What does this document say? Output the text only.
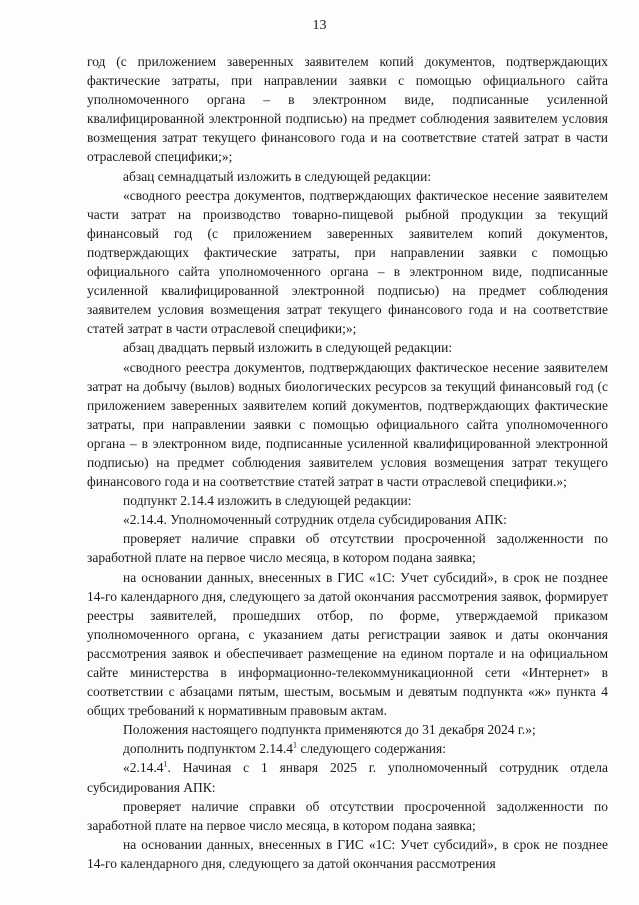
13

год (с приложением заверенных заявителем копий документов, подтверждающих фактические затраты, при направлении заявки с помощью официального сайта уполномоченного органа – в электронном виде, подписанные усиленной квалифицированной электронной подписью) на предмет соблюдения заявителем условия возмещения затрат текущего финансового года и на соответствие статей затрат в части отраслевой специфики;»;

абзац семнадцатый изложить в следующей редакции:

«сводного реестра документов, подтверждающих фактическое несение заявителем части затрат на производство товарно-пищевой рыбной продукции за текущий финансовый год (с приложением заверенных заявителем копий документов, подтверждающих фактические затраты, при направлении заявки с помощью официального сайта уполномоченного органа – в электронном виде, подписанные усиленной квалифицированной электронной подписью) на предмет соблюдения заявителем условия возмещения затрат текущего финансового года и на соответствие статей затрат в части отраслевой специфики;»;

абзац двадцать первый изложить в следующей редакции:

«сводного реестра документов, подтверждающих фактическое несение заявителем затрат на добычу (вылов) водных биологических ресурсов за текущий финансовый год (с приложением заверенных заявителем копий документов, подтверждающих фактические затраты, при направлении заявки с помощью официального сайта уполномоченного органа – в электронном виде, подписанные усиленной квалифицированной электронной подписью) на предмет соблюдения заявителем условия возмещения затрат текущего финансового года и на соответствие статей затрат в части отраслевой специфики.»;

подпункт 2.14.4 изложить в следующей редакции:

«2.14.4. Уполномоченный сотрудник отдела субсидирования АПК:

проверяет наличие справки об отсутствии просроченной задолженности по заработной плате на первое число месяца, в котором подана заявка;

на основании данных, внесенных в ГИС «1С: Учет субсидий», в срок не позднее 14-го календарного дня, следующего за датой окончания рассмотрения заявок, формирует реестры заявителей, прошедших отбор, по форме, утверждаемой приказом уполномоченного органа, с указанием даты регистрации заявок и даты окончания рассмотрения заявок и обеспечивает размещение на едином портале и на официальном сайте министерства в информационно-телекоммуникационной сети «Интернет» в соответствии с абзацами пятым, шестым, восьмым и девятым подпункта «ж» пункта 4 общих требований к нормативным правовым актам.

Положения настоящего подпункта применяются до 31 декабря 2024 г.»;

дополнить подпунктом 2.14.4$^1$ следующего содержания:

«2.14.4$^1$. Начиная с 1 января 2025 г. уполномоченный сотрудник отдела субсидирования АПК:

проверяет наличие справки об отсутствии просроченной задолженности по заработной плате на первое число месяца, в котором подана заявка;

на основании данных, внесенных в ГИС «1С: Учет субсидий», в срок не позднее 14-го календарного дня, следующего за датой окончания рассмотрения
